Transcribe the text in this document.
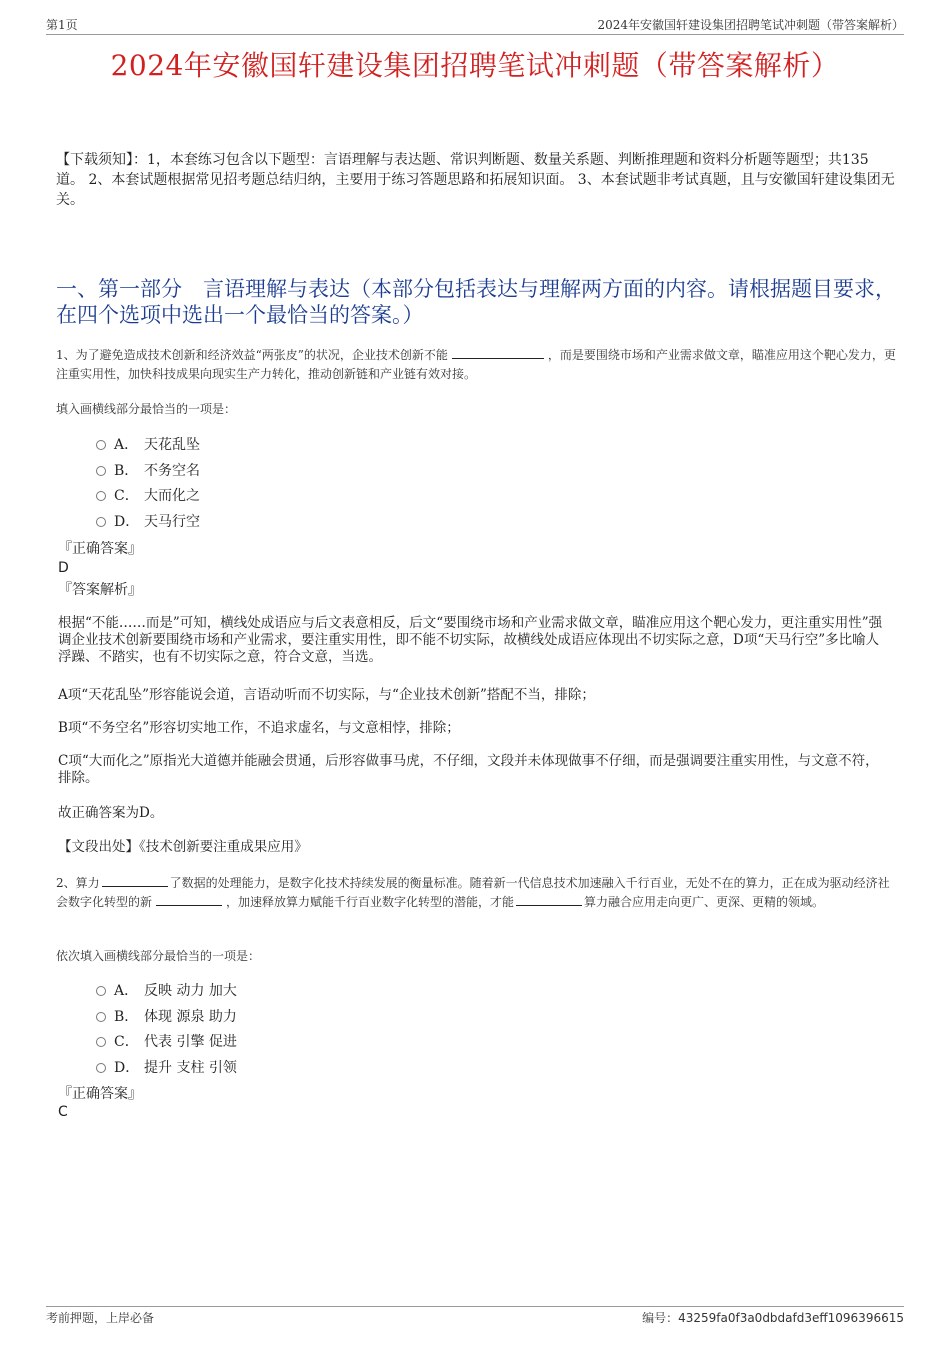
第1页	2024年安徽国轩建设集团招聘笔试冲刺题（带答案解析）
2024年安徽国轩建设集团招聘笔试冲刺题（带答案解析）
【下载须知】：1，本套练习包含以下题型：言语理解与表达题、常识判断题、数量关系题、判断推理题和资料分析题等题型；共135道。 2、本套试题根据常见招考题总结归纳，主要用于练习答题思路和拓展知识面。 3、本套试题非考试真题，且与安徽国轩建设集团无关。
一、第一部分　言语理解与表达（本部分包括表达与理解两方面的内容。请根据题目要求，在四个选项中选出一个最恰当的答案。）
1、为了避免造成技术创新和经济效益“两张皮”的状况，企业技术创新不能	，而是要围绕市场和产业需求做文章，瞄准应用这个靶心发力，更注重实用性，加快科技成果向现实生产力转化，推动创新链和产业链有效对接。
填入画横线部分最恰当的一项是：
A． 天花乱坠
B． 不务空名
C． 大而化之
D． 天马行空
『正确答案』
D
『答案解析』
根据“不能……而是”可知，横线处成语应与后文表意相反，后文“要围绕市场和产业需求做文章，瞄准应用这个靶心发力，更注重实用性”强调企业技术创新要围绕市场和产业需求，要注重实用性，即不能不切实际，故横线处成语应体现出不切实际之意，D项“天马行空”多比喻人浮躁、不踏实，也有不切实际之意，符合文意，当选。
A项“天花乱坠”形容能说会道，言语动听而不切实际，与“企业技术创新”搭配不当，排除；
B项“不务空名”形容切实地工作，不追求虚名，与文意相悖，排除；
C项“大而化之”原指光大道德并能融会贯通，后形容做事马虎，不仔细，文段并未体现做事不仔细，而是强调要注重实用性，与文意不符，排除。
故正确答案为D。
【文段出处】《技术创新要注重成果应用》
2、算力	了数据的处理能力，是数字化技术持续发展的衡量标准。随着新一代信息技术加速融入千行百业，无处不在的算力，正在成为驱动经济社会数字化转型的新	，加速释放算力赋能千行百业数字化转型的潜能，才能	算力融合应用走向更广、更深、更精的领域。
依次填入画横线部分最恰当的一项是：
A． 反映 动力 加大
B． 体现 源泉 助力
C． 代表 引擎 促进
D． 提升 支柱 引领
『正确答案』
C
考前押题，上岸必备	编号：43259fa0f3a0dbdafd3eff1096396615
